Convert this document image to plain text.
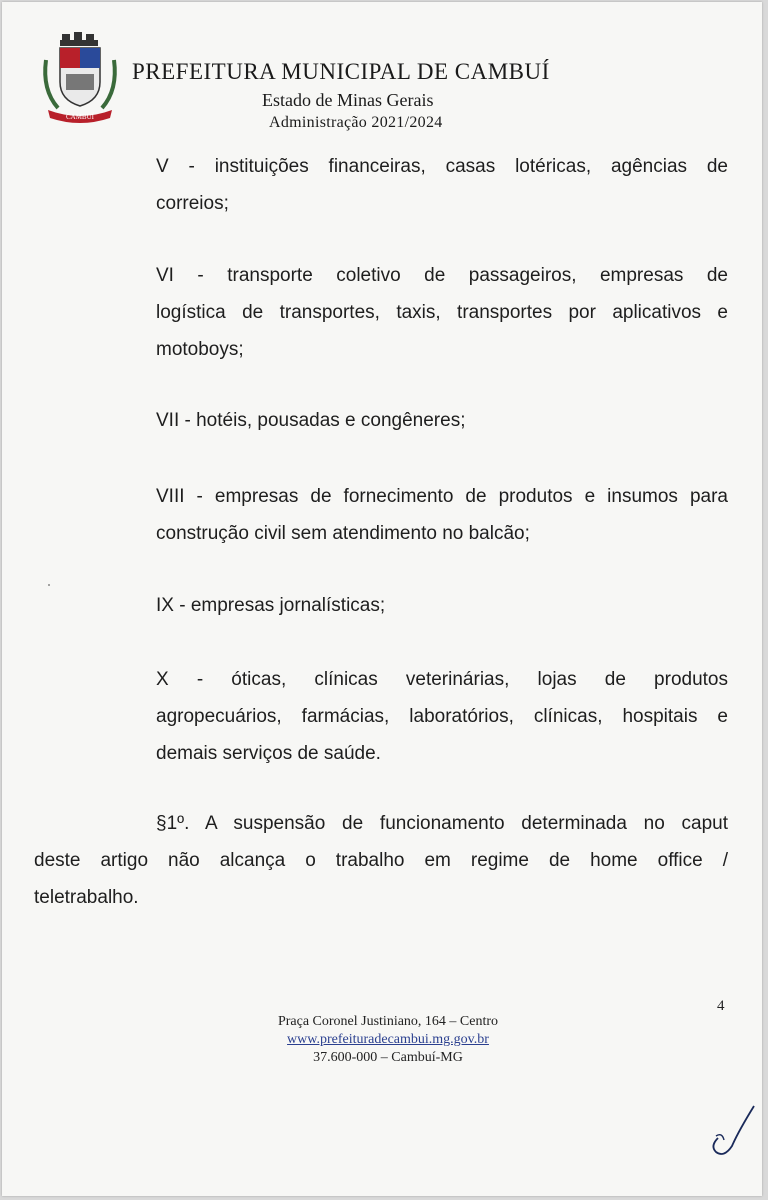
CAMBUÍ
PREFEITURA MUNICIPAL DE CAMBUÍ
Estado de Minas Gerais
Administração 2021/2024
V - instituições financeiras, casas lotéricas, agências de
correios;
VI - transporte coletivo de passageiros, empresas de
logística de transportes, taxis, transportes por aplicativos e
motoboys;
VII - hotéis, pousadas e congêneres;
VIII - empresas de fornecimento de produtos e insumos para
construção civil sem atendimento no balcão;
IX - empresas jornalísticas;
X - óticas, clínicas veterinárias, lojas de produtos
agropecuários, farmácias, laboratórios, clínicas, hospitais e
demais serviços de saúde.
§1º. A suspensão de funcionamento determinada no caput
deste artigo não alcança o trabalho em regime de home office /
teletrabalho.
4
Praça Coronel Justiniano, 164 – Centro
www.prefeituradecambui.mg.gov.br
37.600-000 – Cambuí-MG
